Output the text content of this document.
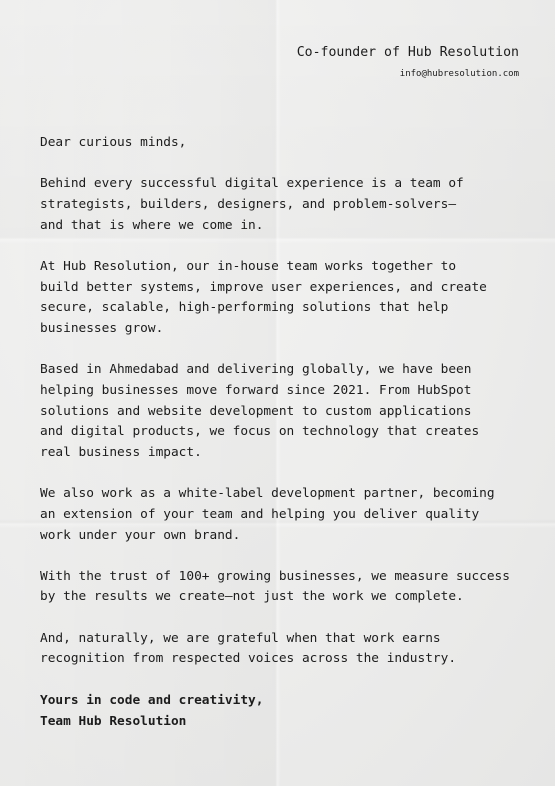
Co-founder of Hub Resolution
info@hubresolution.com

Dear curious minds,

Behind every successful digital experience is a team of
strategists, builders, designers, and problem-solvers—
and that is where we come in.

At Hub Resolution, our in-house team works together to
build better systems, improve user experiences, and create
secure, scalable, high-performing solutions that help
businesses grow.

Based in Ahmedabad and delivering globally, we have been
helping businesses move forward since 2021. From HubSpot
solutions and website development to custom applications
and digital products, we focus on technology that creates
real business impact.

We also work as a white-label development partner, becoming
an extension of your team and helping you deliver quality
work under your own brand.

With the trust of 100+ growing businesses, we measure success
by the results we create—not just the work we complete.

And, naturally, we are grateful when that work earns
recognition from respected voices across the industry.

Yours in code and creativity,
Team Hub Resolution
